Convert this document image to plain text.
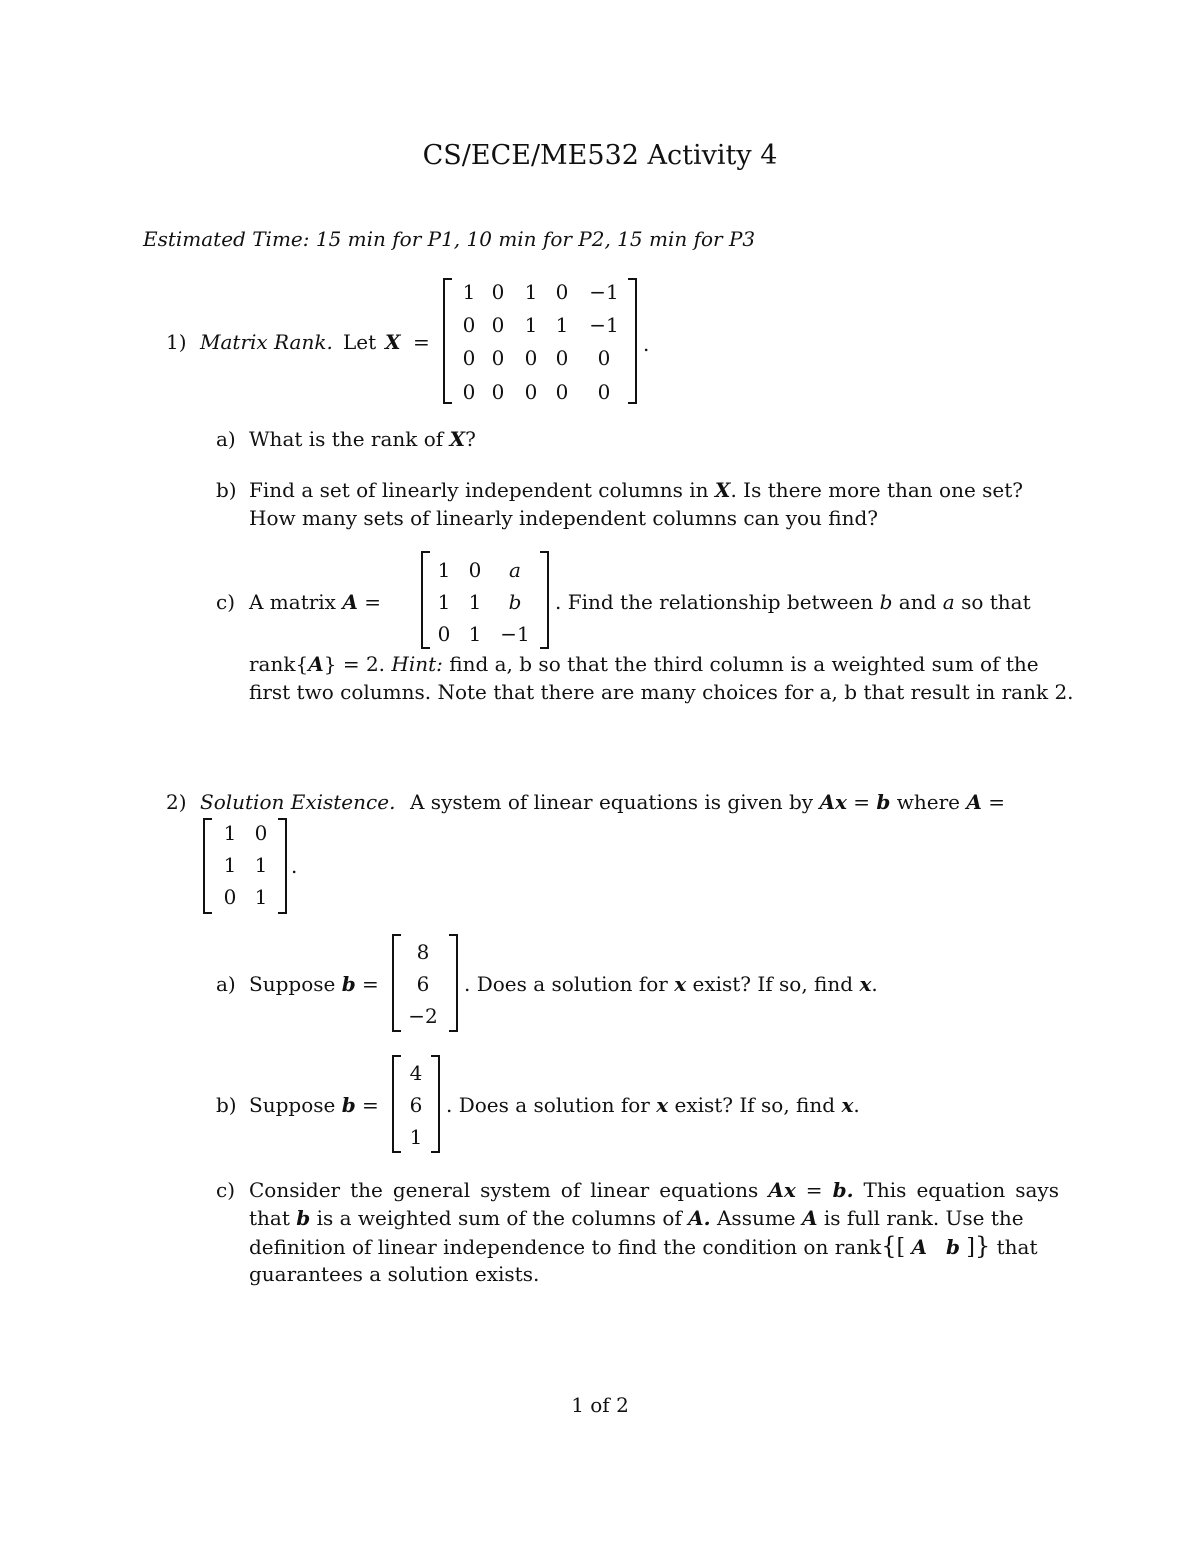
CS/ECE/ME532 Activity 4
Estimated Time: 15 min for P1, 10 min for P2, 15 min for P3
1) Matrix Rank. Let X =
1 0	1 0	−1
0 0	1 1	−1
0 0	0 0	0
0 0	0 0	0
.
a) What is the rank of X?
b) Find a set of linearly independent columns in X. Is there more than one set?
How many sets of linearly independent columns can you find?
c) A matrix A =
1 0	a
1 1	b
0 1 −1
. Find the relationship between b and a so that
rank{A} = 2. Hint: find a, b so that the third column is a weighted sum of the
first two columns. Note that there are many choices for a, b that result in rank 2.
2) Solution Existence. A system of linear equations is given by Ax = b where A =
1 0
1 1
0 1
.
a) Suppose b =
8
6
−2
. Does a solution for x exist? If so, find x.
b) Suppose b =
4
6
1
. Does a solution for x exist? If so, find x.
c) Consider the general system of linear equations Ax = b. This equation says
that b is a weighted sum of the columns of A. Assume A is full rank. Use the
definition of linear independence to find the condition on rank{[ A b ]} that
guarantees a solution exists.
1 of 2
